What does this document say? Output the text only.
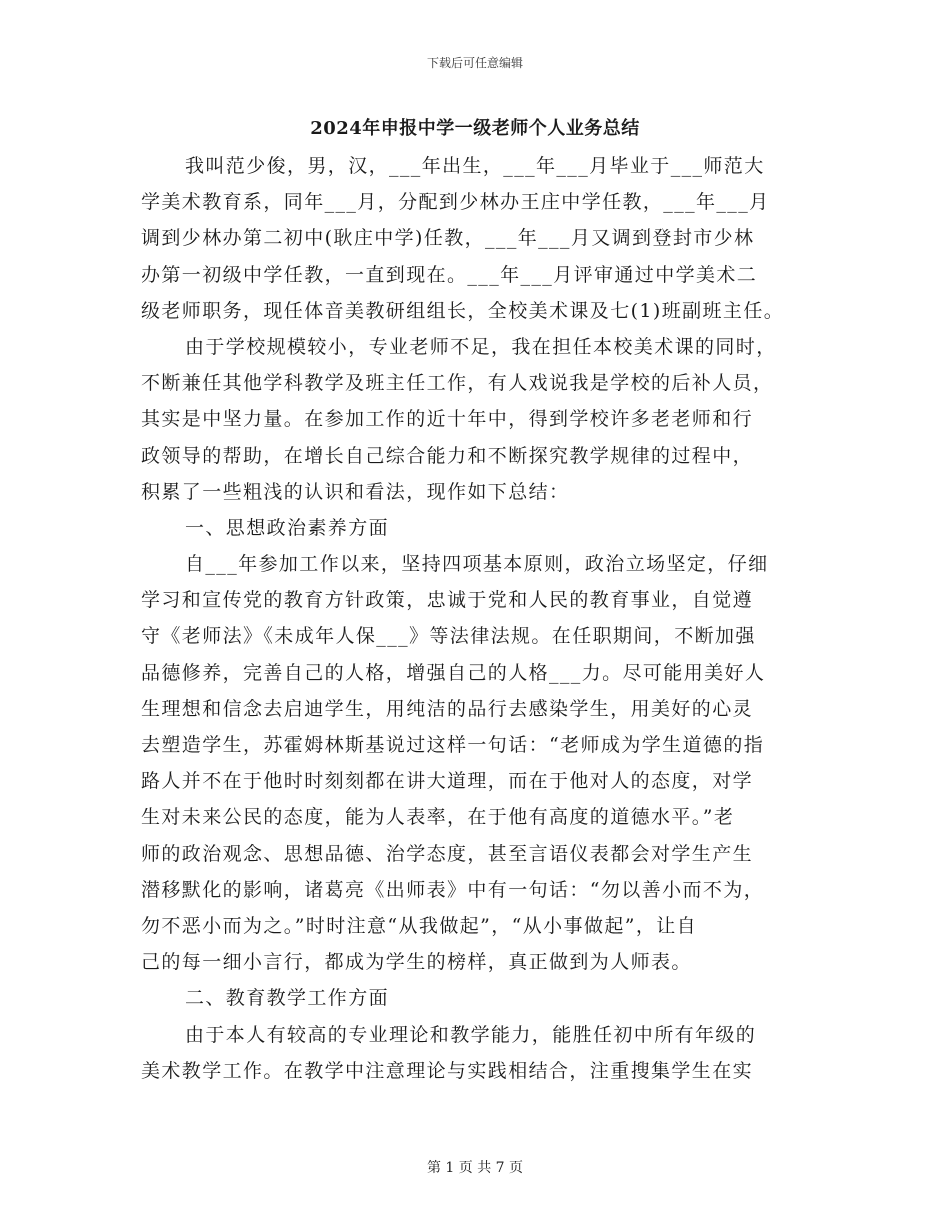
下载后可任意编辑
2024年申报中学一级老师个人业务总结
我叫范少俊，男，汉，___年出生，___年___月毕业于___师范大
学美术教育系，同年___月，分配到少林办王庄中学任教，___年___月
调到少林办第二初中(耿庄中学)任教，___年___月又调到登封市少林
办第一初级中学任教，一直到现在。___年___月评审通过中学美术二
级老师职务，现任体音美教研组组长，全校美术课及七(1)班副班主任。
由于学校规模较小，专业老师不足，我在担任本校美术课的同时，
不断兼任其他学科教学及班主任工作，有人戏说我是学校的后补人员，
其实是中坚力量。在参加工作的近十年中，得到学校许多老老师和行
政领导的帮助，在增长自己综合能力和不断探究教学规律的过程中，
积累了一些粗浅的认识和看法，现作如下总结：
一、思想政治素养方面
自___年参加工作以来，坚持四项基本原则，政治立场坚定，仔细
学习和宣传党的教育方针政策，忠诚于党和人民的教育事业，自觉遵
守《老师法》《未成年人保___》等法律法规。在任职期间，不断加强
品德修养，完善自己的人格，增强自己的人格___力。尽可能用美好人
生理想和信念去启迪学生，用纯洁的品行去感染学生，用美好的心灵
去塑造学生，苏霍姆林斯基说过这样一句话：“老师成为学生道德的指
路人并不在于他时时刻刻都在讲大道理，而在于他对人的态度，对学
生对未来公民的态度，能为人表率，在于他有高度的道德水平。”老
师的政治观念、思想品德、治学态度，甚至言语仪表都会对学生产生
潜移默化的影响，诸葛亮《出师表》中有一句话：“勿以善小而不为，
勿不恶小而为之。”时时注意“从我做起”，“从小事做起”，让自
己的每一细小言行，都成为学生的榜样，真正做到为人师表。
二、教育教学工作方面
由于本人有较高的专业理论和教学能力，能胜任初中所有年级的
美术教学工作。在教学中注意理论与实践相结合，注重搜集学生在实
第 1 页 共 7 页
